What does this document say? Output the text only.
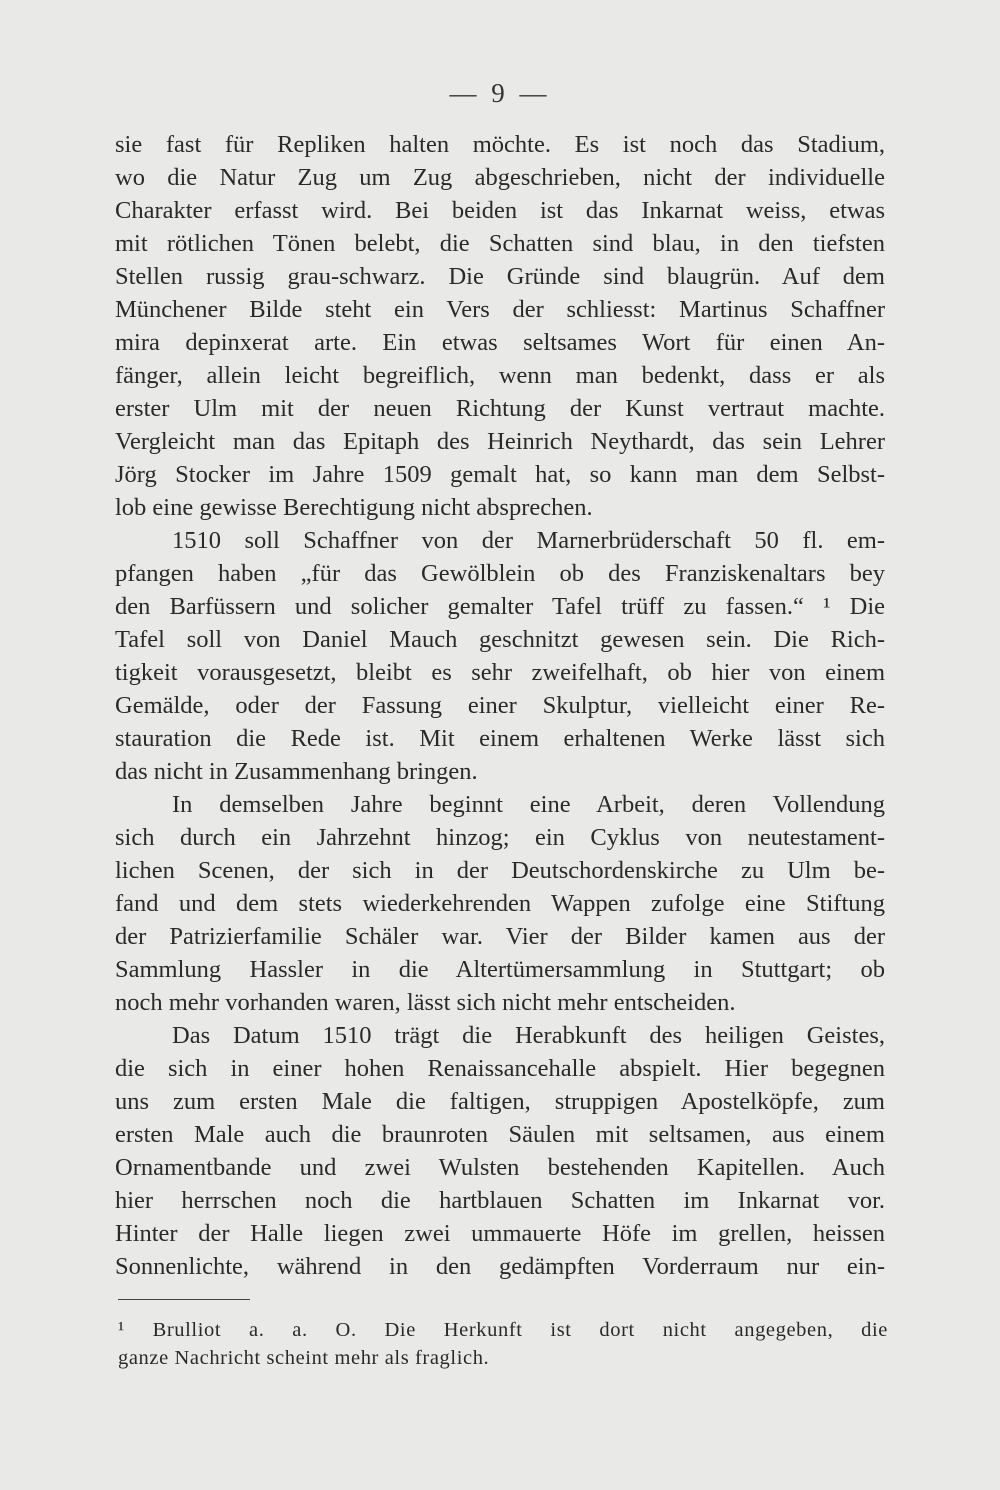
— 9 —
sie fast für Repliken halten möchte. Es ist noch das Stadium,
wo die Natur Zug um Zug abgeschrieben, nicht der individuelle
Charakter erfasst wird. Bei beiden ist das Inkarnat weiss, etwas
mit rötlichen Tönen belebt, die Schatten sind blau, in den tiefsten
Stellen russig grau-schwarz. Die Gründe sind blaugrün. Auf dem
Münchener Bilde steht ein Vers der schliesst: Martinus Schaffner
mira depinxerat arte. Ein etwas seltsames Wort für einen An-
fänger, allein leicht begreiflich, wenn man bedenkt, dass er als
erster Ulm mit der neuen Richtung der Kunst vertraut machte.
Vergleicht man das Epitaph des Heinrich Neythardt, das sein Lehrer
Jörg Stocker im Jahre 1509 gemalt hat, so kann man dem Selbst-
lob eine gewisse Berechtigung nicht absprechen.
1510 soll Schaffner von der Marnerbrüderschaft 50 fl. em-
pfangen haben „für das Gewölblein ob des Franziskenaltars bey
den Barfüssern und solicher gemalter Tafel trüff zu fassen.“ ¹ Die
Tafel soll von Daniel Mauch geschnitzt gewesen sein. Die Rich-
tigkeit vorausgesetzt, bleibt es sehr zweifelhaft, ob hier von einem
Gemälde, oder der Fassung einer Skulptur, vielleicht einer Re-
stauration die Rede ist. Mit einem erhaltenen Werke lässt sich
das nicht in Zusammenhang bringen.
In demselben Jahre beginnt eine Arbeit, deren Vollendung
sich durch ein Jahrzehnt hinzog; ein Cyklus von neutestament-
lichen Scenen, der sich in der Deutschordenskirche zu Ulm be-
fand und dem stets wiederkehrenden Wappen zufolge eine Stiftung
der Patrizierfamilie Schäler war. Vier der Bilder kamen aus der
Sammlung Hassler in die Altertümersammlung in Stuttgart; ob
noch mehr vorhanden waren, lässt sich nicht mehr entscheiden.
Das Datum 1510 trägt die Herabkunft des heiligen Geistes,
die sich in einer hohen Renaissancehalle abspielt. Hier begegnen
uns zum ersten Male die faltigen, struppigen Apostelköpfe, zum
ersten Male auch die braunroten Säulen mit seltsamen, aus einem
Ornamentbande und zwei Wulsten bestehenden Kapitellen. Auch
hier herrschen noch die hartblauen Schatten im Inkarnat vor.
Hinter der Halle liegen zwei ummauerte Höfe im grellen, heissen
Sonnenlichte, während in den gedämpften Vorderraum nur ein-
¹ Brulliot a. a. O. Die Herkunft ist dort nicht angegeben, die
ganze Nachricht scheint mehr als fraglich.
